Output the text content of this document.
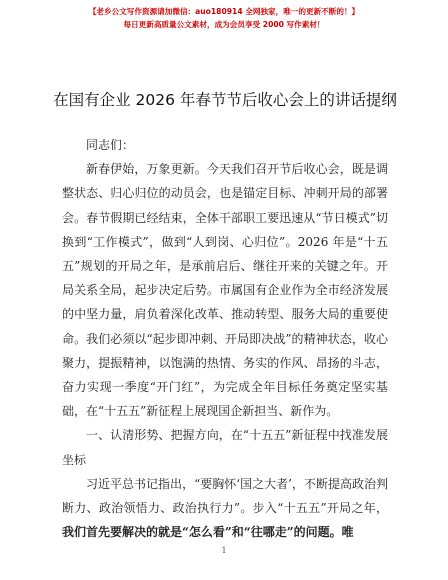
【老乡公文写作资源请加微信：auo180914 全网独家，唯一的更新不断的！】
每日更新高质量公文素材，成为会员享受 2000 写作素材！
在国有企业 2026 年春节节后收心会上的讲话提纲

同志们：

新春伊始，万象更新。今天我们召开节后收心会，既是调整状态、归心归位的动员会，也是锚定目标、冲刺开局的部署会。春节假期已经结束，全体干部职工要迅速从“节日模式”切换到“工作模式”，做到“人到岗、心归位”。2026 年是“十五五”规划的开局之年，是承前启后、继往开来的关键之年。开局关系全局，起步决定后势。市属国有企业作为全市经济发展的中坚力量，肩负着深化改革、推动转型、服务大局的重要使命。我们必须以“起步即冲刺、开局即决战”的精神状态，收心聚力，提振精神，以饱满的热情、务实的作风、昂扬的斗志，奋力实现一季度“开门红”，为完成全年目标任务奠定坚实基础，在“十五五”新征程上展现国企新担当、新作为。

一、认清形势、把握方向，在“十五五”新征程中找准发展坐标

习近平总书记指出，“要胸怀‘国之大者’，不断提高政治判断力、政治领悟力、政治执行力”。步入“十五五”开局之年，我们首先要解决的就是“怎么看”和“往哪走”的问题。唯

1
